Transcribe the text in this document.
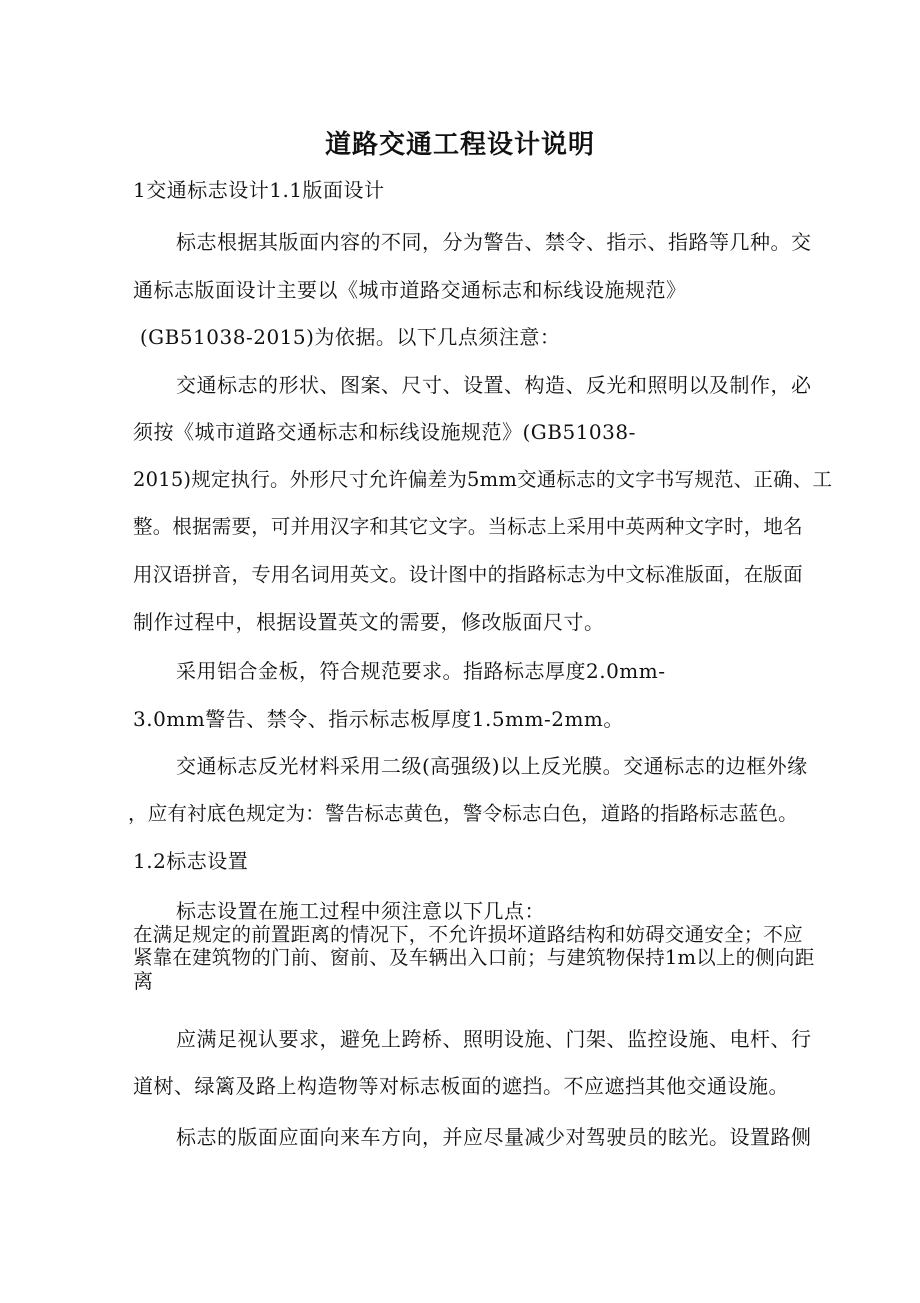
道路交通工程设计说明
1交通标志设计1.1版面设计
标志根据其版面内容的不同，分为警告、禁令、指示、指路等几种。交
通标志版面设计主要以《城市道路交通标志和标线设施规范》
(GB51038-2015)为依据。以下几点须注意：
交通标志的形状、图案、尺寸、设置、构造、反光和照明以及制作，必
须按《城市道路交通标志和标线设施规范》(GB51038-
2015)规定执行。外形尺寸允许偏差为5mm交通标志的文字书写规范、正确、工
整。根据需要，可并用汉字和其它文字。当标志上采用中英两种文字时，地名
用汉语拼音，专用名词用英文。设计图中的指路标志为中文标准版面，在版面
制作过程中，根据设置英文的需要，修改版面尺寸。
采用铝合金板，符合规范要求。指路标志厚度2.0mm-
3.0mm警告、禁令、指示标志板厚度1.5mm-2mm。
交通标志反光材料采用二级(高强级)以上反光膜。交通标志的边框外缘
，应有衬底色规定为：警告标志黄色，警令标志白色，道路的指路标志蓝色。
1.2标志设置
标志设置在施工过程中须注意以下几点：
在满足规定的前置距离的情况下，不允许损坏道路结构和妨碍交通安全；不应
紧靠在建筑物的门前、窗前、及车辆出入口前；与建筑物保持1m以上的侧向距
离
应满足视认要求，避免上跨桥、照明设施、门架、监控设施、电杆、行
道树、绿篱及路上构造物等对标志板面的遮挡。不应遮挡其他交通设施。
标志的版面应面向来车方向，并应尽量减少对驾驶员的眩光。设置路侧
